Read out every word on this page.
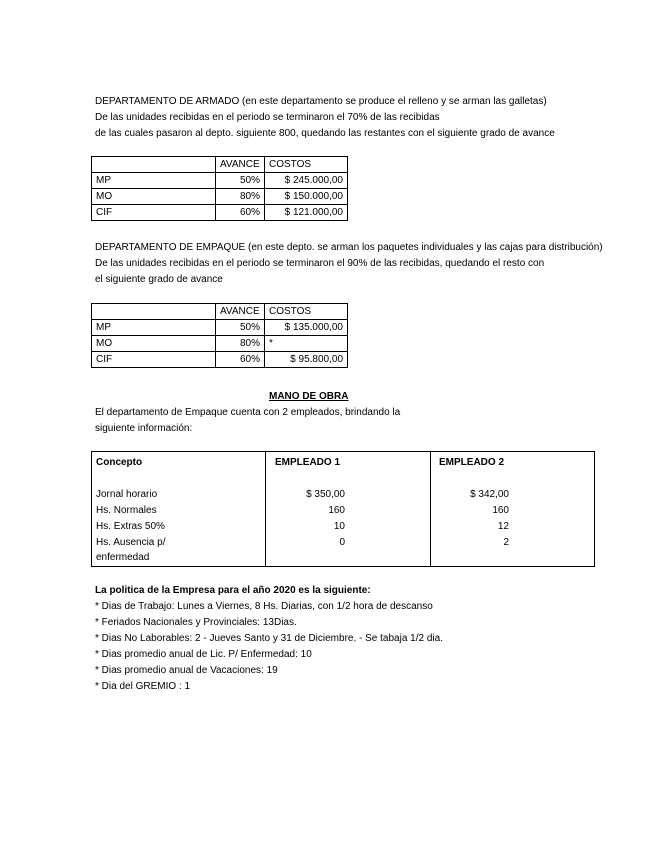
DEPARTAMENTO DE ARMADO (en este departamento se produce el relleno y se arman las galletas)
De las unidades recibidas en el periodo se terminaron el 70% de las recibidas
de las cuales pasaron al depto. siguiente 800, quedando las restantes con el siguiente grado de avance
	AVANCE	COSTOS
MP	50%	$ 245.000,00
MO	80%	$ 150.000,00
CIF	60%	$ 121.000,00
DEPARTAMENTO DE EMPAQUE (en este depto. se arman los paquetes individuales y las cajas para distribución)
De las unidades recibidas en el periodo se terminaron el 90% de las recibidas, quedando el resto con
el siguiente grado de avance
	AVANCE	COSTOS
MP	50%	$ 135.000,00
MO	80%	*
CIF	60%	$ 95.800,00
MANO DE OBRA
El departamento de Empaque cuenta con 2 empleados, brindando la
siguiente información:
Concepto	EMPLEADO 1	EMPLEADO 2
Jornal horario	$ 350,00	$ 342,00
Hs. Normales	160	160
Hs. Extras 50%	10	12
Hs. Ausencia p/	0	2
enfermedad
La politica de la Empresa para el año 2020 es la siguiente:
* Dias de Trabajo: Lunes a Viernes, 8 Hs. Diarias, con 1/2 hora de descanso
* Feriados Nacionales y Provinciales: 13Dias.
* Dias No Laborables: 2 - Jueves Santo y 31 de Diciembre. - Se tabaja 1/2 dia.
* Dias promedio anual de Lic. P/ Enfermedad: 10
* Dias promedio anual de Vacaciones: 19
* Dia del GREMIO : 1
